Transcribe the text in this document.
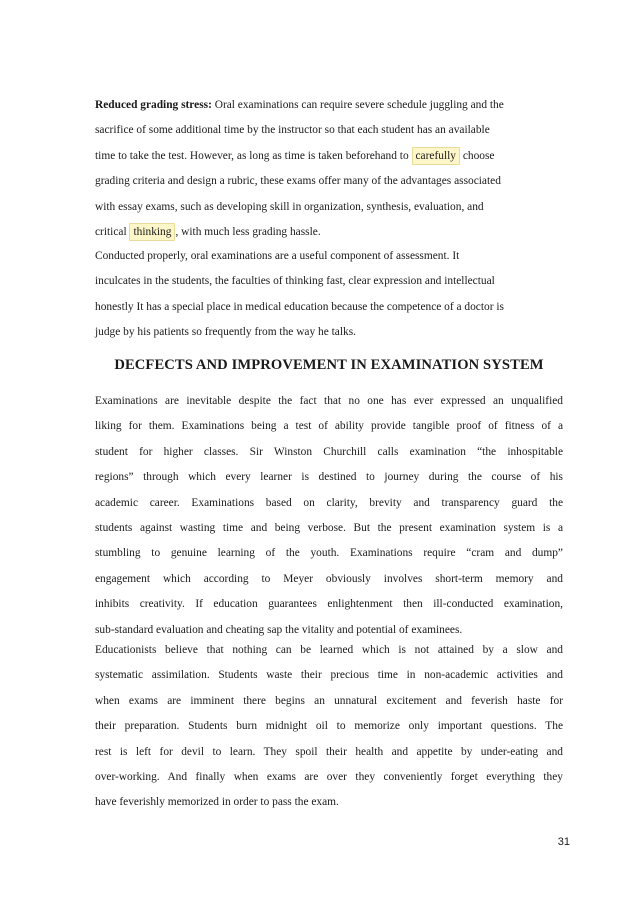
Reduced grading stress: Oral examinations can require severe schedule juggling and the
sacrifice of some additional time by the instructor so that each student has an available
time to take the test. However, as long as time is taken beforehand to carefully choose
grading criteria and design a rubric, these exams offer many of the advantages associated
with essay exams, such as developing skill in organization, synthesis, evaluation, and
critical thinking , with much less grading hassle.

Conducted properly, oral examinations are a useful component of assessment. It
inculcates in the students, the faculties of thinking fast, clear expression and intellectual
honestly It has a special place in medical education because the competence of a doctor is
judge by his patients so frequently from the way he talks.

DECFECTS AND IMPROVEMENT IN EXAMINATION SYSTEM

Examinations are inevitable despite the fact that no one has ever expressed an unqualified
liking for them. Examinations being a test of ability provide tangible proof of fitness of a
student for higher classes. Sir Winston Churchill calls examination “the inhospitable
regions” through which every learner is destined to journey during the course of his
academic career. Examinations based on clarity, brevity and transparency guard the
students against wasting time and being verbose. But the present examination system is a
stumbling to genuine learning of the youth. Examinations require “cram and dump”
engagement which according to Meyer obviously involves short-term memory and
inhibits creativity. If education guarantees enlightenment then ill-conducted examination,
sub-standard evaluation and cheating sap the vitality and potential of examinees.

Educationists believe that nothing can be learned which is not attained by a slow and
systematic assimilation. Students waste their precious time in non-academic activities and
when exams are imminent there begins an unnatural excitement and feverish haste for
their preparation. Students burn midnight oil to memorize only important questions. The
rest is left for devil to learn. They spoil their health and appetite by under-eating and
over-working. And finally when exams are over they conveniently forget everything they
have feverishly memorized in order to pass the exam.

31
